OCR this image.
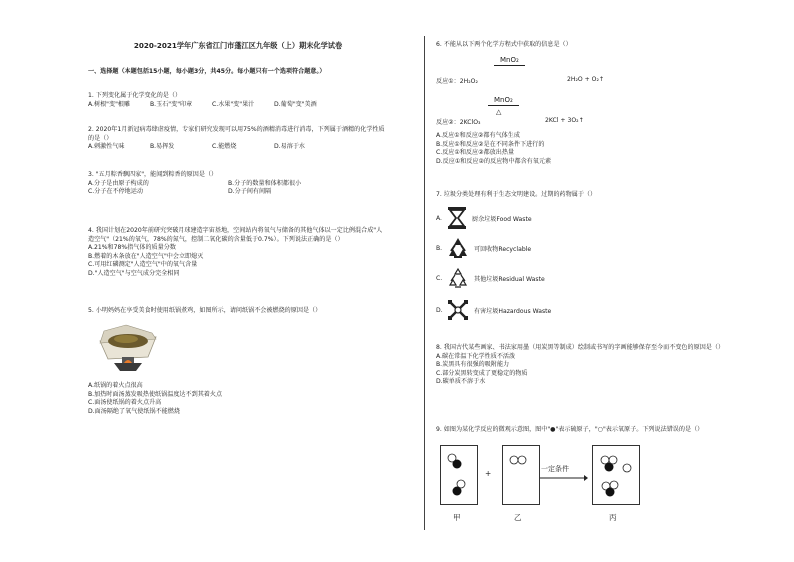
2020-2021学年广东省江门市蓬江区九年级（上）期末化学试卷
一、选择题（本题包括15小题，每小题3分，共45分。每小题只有一个选项符合题意。）
1. 下列变化属于化学变化的是（）
A.树根"变"根雕	B.玉石"变"印章	C.水果"变"果汁	D.葡萄"变"美酒
2. 2020年1月新冠病毒肆虐疫情，专家们研究发现可以用75%的酒精消毒进行消毒，下列属于酒精的化学性质的是（）
A.刺激性气味	B.易挥发	C.能燃烧	D.易溶于水
3. "五月粽香飘四家"，能闻到粽香的原因是（）
A.分子是由原子构成的	B.分子的数量和体积都很小
C.分子在不停地运动	D.分子间有间隔
4. 我国计划在2020年前研究突破月球建造字宙基地，空间站内将氧气与储备的其他气体以一定比例混合成"人造空气"（21%的氧气，78%的氮气，控制二氧化碳的含量低于0.7%）。下列说法正确的是（）
A.21%和78%指气体的质量分数
B.燃着的木条放在"人造空气"中会立即熄灭
C.可用红磷测定"人造空气"中的氧气含量
D."人造空气"与空气成分完全相同
5. 小明妈妈在享受美食时使用纸锅煮鸡，如图所示，请问纸锅不会被燃烧的原因是（）
A.纸锅的着火点很高
B.加热时面汤蒸发吸热使纸锅温度达不到其着火点
C.面汤使纸锅的着火点升高
D.面汤隔绝了氧气使纸锅不能燃烧
6. 不能从以下两个化学方程式中获取的信息是（）
MnO₂
反应①：2H₂O₂	2H₂O + O₂↑
MnO₂
△
反应②：2KClO₃	2KCl + 3O₂↑
A.反应①和反应②都有气体生成
B.反应①和反应②是在不同条件下进行的
C.反应①和反应②都放出热量
D.反应①和反应②的反应物中都含有氧元素
7. 垃圾分类处理有利于生态文明建设。过期的药物属于（）
A.	厨余垃圾Food Waste
B.	可回收物Recyclable
C.	其他垃圾Residual Waste
D.	有害垃圾Hazardous Waste
8. 我国古代某些画家、书法家用墨（用炭黑等制成）绘制或书写的字画能够保存至今而不变色的原因是（）
A.碳在常温下化学性质不活泼
B.炭黑具有很强的吸附能力
C.部分炭黑转变成了更稳定的物质
D.碳单质不溶于水
9. 如图为某化学反应的微观示意图，图中"●"表示硫原子，"○"表示氧原子。下列说法错误的是（）
+	一定条件
甲	乙	丙
